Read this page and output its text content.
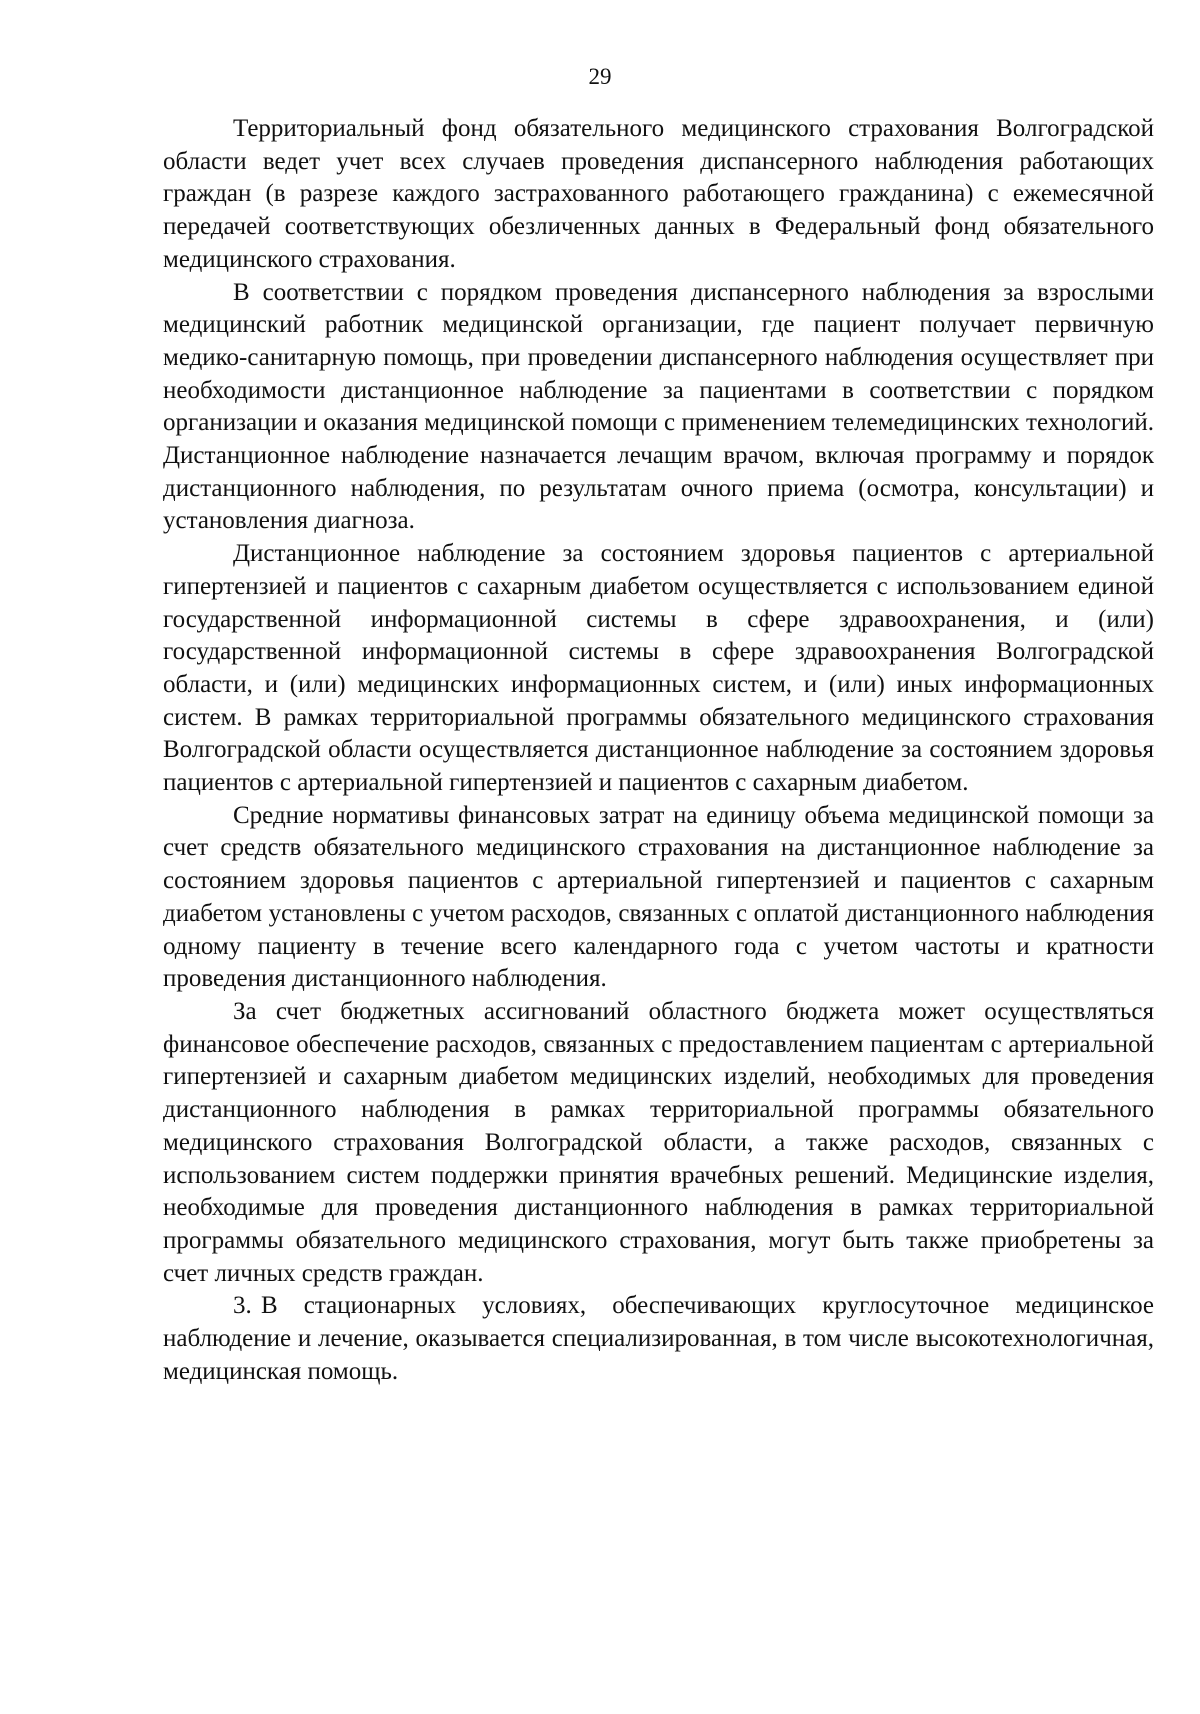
29

Территориальный фонд обязательного медицинского страхования Волгоградской области ведет учет всех случаев проведения диспансерного наблюдения работающих граждан (в разрезе каждого застрахованного работающего гражданина) с ежемесячной передачей соответствующих обезличенных данных в Федеральный фонд обязательного медицинского страхования.

В соответствии с порядком проведения диспансерного наблюдения за взрослыми медицинский работник медицинской организации, где пациент получает первичную медико-санитарную помощь, при проведении диспансерного наблюдения осуществляет при необходимости дистанционное наблюдение за пациентами в соответствии с порядком организации и оказания медицинской помощи с применением телемедицинских технологий. Дистанционное наблюдение назначается лечащим врачом, включая программу и порядок дистанционного наблюдения, по результатам очного приема (осмотра, консультации) и установления диагноза.

Дистанционное наблюдение за состоянием здоровья пациентов с артериальной гипертензией и пациентов с сахарным диабетом осуществляется с использованием единой государственной информационной системы в сфере здравоохранения, и (или) государственной информационной системы в сфере здравоохранения Волгоградской области, и (или) медицинских информационных систем, и (или) иных информационных систем. В рамках территориальной программы обязательного медицинского страхования Волгоградской области осуществляется дистанционное наблюдение за состоянием здоровья пациентов с артериальной гипертензией и пациентов с сахарным диабетом.

Средние нормативы финансовых затрат на единицу объема медицинской помощи за счет средств обязательного медицинского страхования на дистанционное наблюдение за состоянием здоровья пациентов с артериальной гипертензией и пациентов с сахарным диабетом установлены с учетом расходов, связанных с оплатой дистанционного наблюдения одному пациенту в течение всего календарного года с учетом частоты и кратности проведения дистанционного наблюдения.

За счет бюджетных ассигнований областного бюджета может осуществляться финансовое обеспечение расходов, связанных с предоставлением пациентам с артериальной гипертензией и сахарным диабетом медицинских изделий, необходимых для проведения дистанционного наблюдения в рамках территориальной программы обязательного медицинского страхования Волгоградской области, а также расходов, связанных с использованием систем поддержки принятия врачебных решений. Медицинские изделия, необходимые для проведения дистанционного наблюдения в рамках территориальной программы обязательного медицинского страхования, могут быть также приобретены за счет личных средств граждан.

3. В стационарных условиях, обеспечивающих круглосуточное медицинское наблюдение и лечение, оказывается специализированная, в том числе высокотехнологичная, медицинская помощь.
